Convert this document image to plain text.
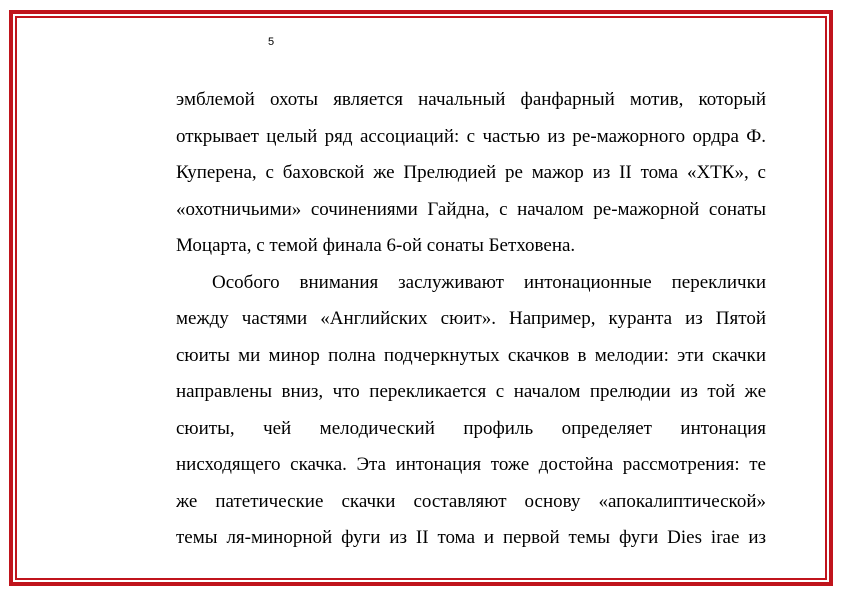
5
эмблемой охоты является начальный фанфарный мотив, который
открывает целый ряд ассоциаций: с частью из ре-мажорного ордра Ф.
Куперена, с баховской же Прелюдией ре мажор из II тома «ХТК», с
«охотничьими» сочинениями Гайдна, с началом ре-мажорной сонаты
Моцарта, с темой финала 6-ой сонаты Бетховена.
Особого внимания заслуживают интонационные переклички
между частями «Английских сюит». Например, куранта из Пятой
сюиты ми минор полна подчеркнутых скачков в мелодии: эти скачки
направлены вниз, что перекликается с началом прелюдии из той же
сюиты, чей мелодический профиль определяет интонация
нисходящего скачка. Эта интонация тоже достойна рассмотрения: те
же патетические скачки составляют основу «апокалиптической»
темы ля-минорной фуги из II тома и первой темы фуги Dies irae из
